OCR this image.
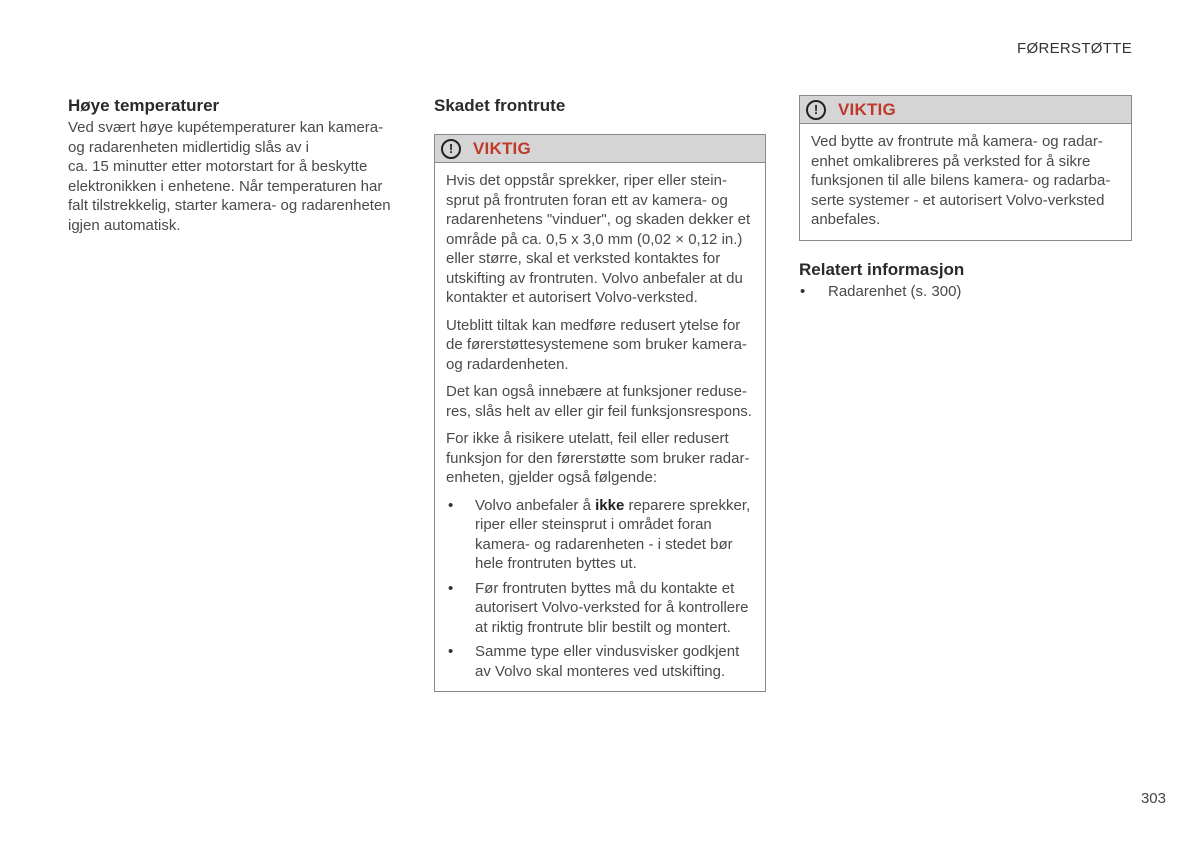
FØRERSTØTTE
Høye temperaturer

Ved svært høye kupétemperaturer kan kamera-
og radarenheten midlertidig slås av i
ca. 15 minutter etter motorstart for å beskytte
elektronikken i enhetene. Når temperaturen har
falt tilstrekkelig, starter kamera- og radarenheten
igjen automatisk.

Skadet frontrute
!	VIKTIG

Hvis det oppstår sprekker, riper eller stein-
sprut på frontruten foran ett av kamera- og
radarenhetens "vinduer", og skaden dekker et
område på ca. 0,5 x 3,0 mm (0,02 × 0,12 in.)
eller større, skal et verksted kontaktes for
utskifting av frontruten. Volvo anbefaler at du
kontakter et autorisert Volvo-verksted.

Uteblitt tiltak kan medføre redusert ytelse for
de førerstøttesystemene som bruker kamera-
og radardenheten.

Det kan også innebære at funksjoner reduse-
res, slås helt av eller gir feil funksjonsrespons.

For ikke å risikere utelatt, feil eller redusert
funksjon for den førerstøtte som bruker radar-
enheten, gjelder også følgende:

• Volvo anbefaler å ikke reparere sprekker,
riper eller steinsprut i området foran
kamera- og radarenheten - i stedet bør
hele frontruten byttes ut.
• Før frontruten byttes må du kontakte et
autorisert Volvo-verksted for å kontrollere
at riktig frontrute blir bestilt og montert.
• Samme type eller vindusvisker godkjent
av Volvo skal monteres ved utskifting.
!	VIKTIG

Ved bytte av frontrute må kamera- og radar-
enhet omkalibreres på verksted for å sikre
funksjonen til alle bilens kamera- og radarba-
serte systemer - et autorisert Volvo-verksted
anbefales.

Relatert informasjon
• Radarenhet (s. 300)
303
